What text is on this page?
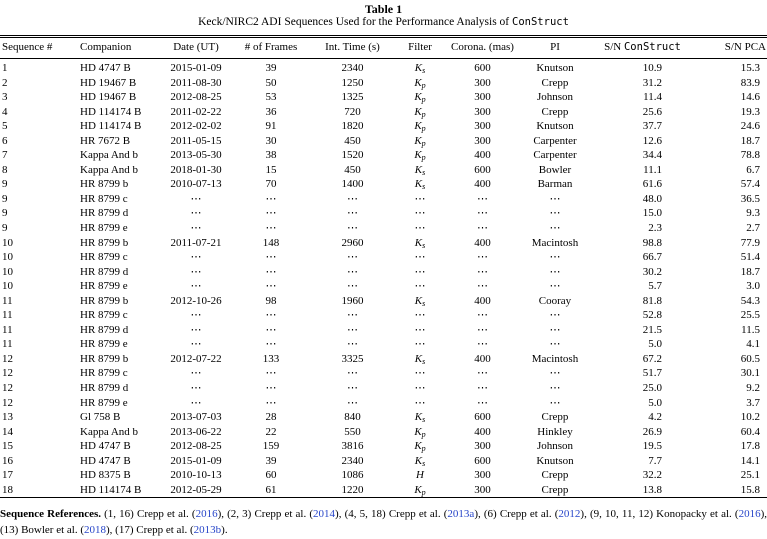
Table 1
Keck/NIRC2 ADI Sequences Used for the Performance Analysis of ConStruct
Sequence #	Companion	Date (UT)	# of Frames	Int. Time (s)	Filter	Corona. (mas)	PI	S/N ConStruct	S/N PCA
1	HD 4747 B	2015-01-09	39	2340	$K_s$	600	Knutson	10.9	15.3
2	HD 19467 B	2011-08-30	50	1250	$K_p$	300	Crepp	31.2	83.9
3	HD 19467 B	2012-08-25	53	1325	$K_p$	300	Johnson	11.4	14.6
4	HD 114174 B	2011-02-22	36	720	$K_p$	300	Crepp	25.6	19.3
5	HD 114174 B	2012-02-02	91	1820	$K_p$	300	Knutson	37.7	24.6
6	HR 7672 B	2011-05-15	30	450	$K_p$	300	Carpenter	12.6	18.7
7	Kappa And b	2013-05-30	38	1520	$K_p$	400	Carpenter	34.4	78.8
8	Kappa And b	2018-01-30	15	450	$K_s$	600	Bowler	11.1	6.7
9	HR 8799 b	2010-07-13	70	1400	$K_s$	400	Barman	61.6	57.4
9	HR 8799 c	⋯	⋯	⋯	⋯	⋯	⋯	48.0	36.5
9	HR 8799 d	⋯	⋯	⋯	⋯	⋯	⋯	15.0	9.3
9	HR 8799 e	⋯	⋯	⋯	⋯	⋯	⋯	2.3	2.7
10	HR 8799 b	2011-07-21	148	2960	$K_s$	400	Macintosh	98.8	77.9
10	HR 8799 c	⋯	⋯	⋯	⋯	⋯	⋯	66.7	51.4
10	HR 8799 d	⋯	⋯	⋯	⋯	⋯	⋯	30.2	18.7
10	HR 8799 e	⋯	⋯	⋯	⋯	⋯	⋯	5.7	3.0
11	HR 8799 b	2012-10-26	98	1960	$K_s$	400	Cooray	81.8	54.3
11	HR 8799 c	⋯	⋯	⋯	⋯	⋯	⋯	52.8	25.5
11	HR 8799 d	⋯	⋯	⋯	⋯	⋯	⋯	21.5	11.5
11	HR 8799 e	⋯	⋯	⋯	⋯	⋯	⋯	5.0	4.1
12	HR 8799 b	2012-07-22	133	3325	$K_s$	400	Macintosh	67.2	60.5
12	HR 8799 c	⋯	⋯	⋯	⋯	⋯	⋯	51.7	30.1
12	HR 8799 d	⋯	⋯	⋯	⋯	⋯	⋯	25.0	9.2
12	HR 8799 e	⋯	⋯	⋯	⋯	⋯	⋯	5.0	3.7
13	Gl 758 B	2013-07-03	28	840	$K_s$	600	Crepp	4.2	10.2
14	Kappa And b	2013-06-22	22	550	$K_p$	400	Hinkley	26.9	60.4
15	HD 4747 B	2012-08-25	159	3816	$K_p$	300	Johnson	19.5	17.8
16	HD 4747 B	2015-01-09	39	2340	$K_s$	600	Knutson	7.7	14.1
17	HD 8375 B	2010-10-13	60	1086	H	300	Crepp	32.2	25.1
18	HD 114174 B	2012-05-29	61	1220	$K_p$	300	Crepp	13.8	15.8
Sequence References. (1, 16) Crepp et al. (2016), (2, 3) Crepp et al. (2014), (4, 5, 18) Crepp et al. (2013a), (6) Crepp et al. (2012), (9, 10, 11, 12) Konopacky et al. (2016), (13) Bowler et al. (2018), (17) Crepp et al. (2013b).
